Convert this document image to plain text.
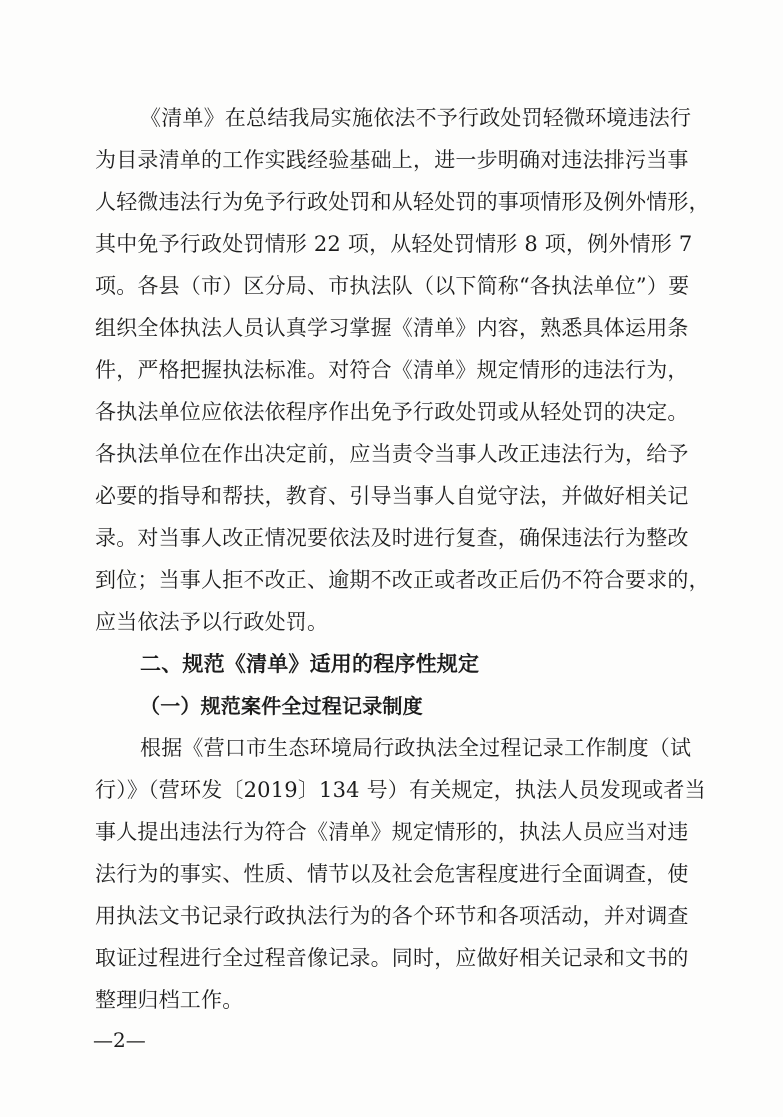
《清单》在总结我局实施依法不予行政处罚轻微环境违法行
为目录清单的工作实践经验基础上，进一步明确对违法排污当事
人轻微违法行为免予行政处罚和从轻处罚的事项情形及例外情形，
其中免予行政处罚情形 22 项，从轻处罚情形 8 项，例外情形 7
项。各县（市）区分局、市执法队（以下简称“各执法单位”）要
组织全体执法人员认真学习掌握《清单》内容，熟悉具体运用条
件，严格把握执法标准。对符合《清单》规定情形的违法行为，
各执法单位应依法依程序作出免予行政处罚或从轻处罚的决定。
各执法单位在作出决定前，应当责令当事人改正违法行为，给予
必要的指导和帮扶，教育、引导当事人自觉守法，并做好相关记
录。对当事人改正情况要依法及时进行复查，确保违法行为整改
到位；当事人拒不改正、逾期不改正或者改正后仍不符合要求的，
应当依法予以行政处罚。
二、规范《清单》适用的程序性规定
（一）规范案件全过程记录制度
根据《营口市生态环境局行政执法全过程记录工作制度（试
行）》（营环发〔2019〕134 号）有关规定，执法人员发现或者当
事人提出违法行为符合《清单》规定情形的，执法人员应当对违
法行为的事实、性质、情节以及社会危害程度进行全面调查，使
用执法文书记录行政执法行为的各个环节和各项活动，并对调查
取证过程进行全过程音像记录。同时，应做好相关记录和文书的
整理归档工作。
—2—
